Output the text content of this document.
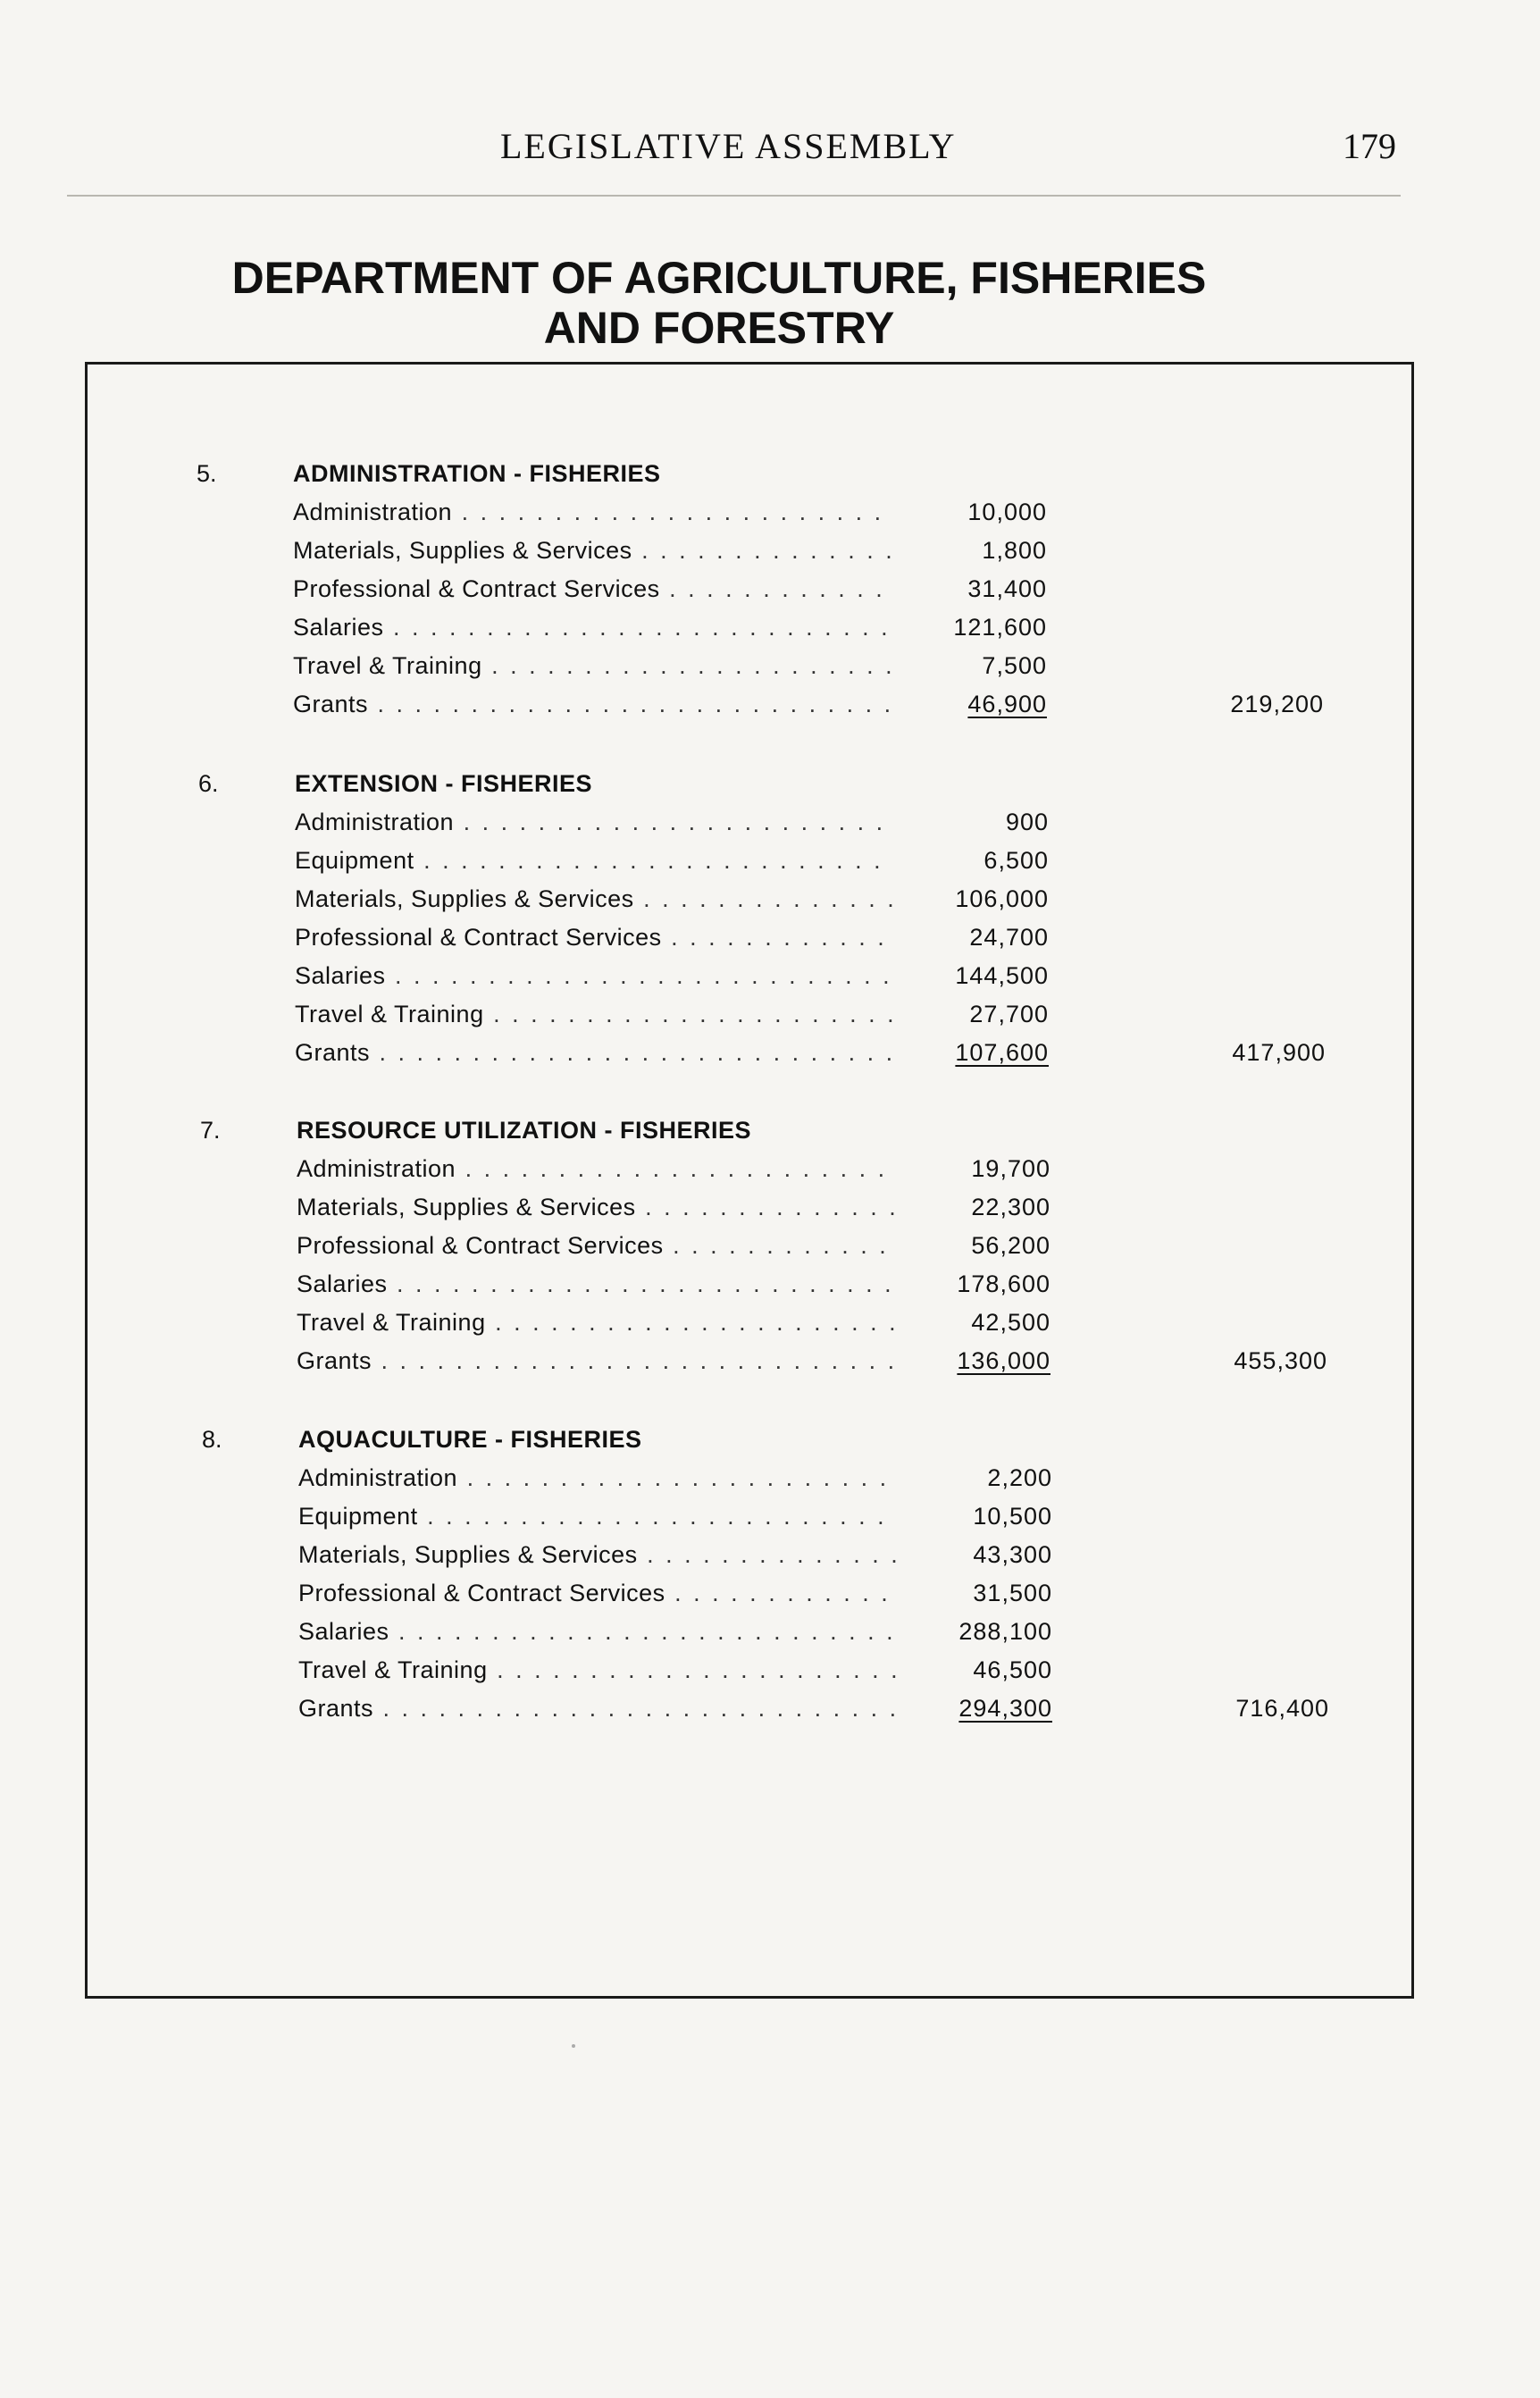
LEGISLATIVE ASSEMBLY	179
DEPARTMENT OF AGRICULTURE, FISHERIES
AND FORESTRY
5.	ADMINISTRATION - FISHERIES
Administration . . .	10,000
Materials, Supplies & Services . . .	1,800
Professional & Contract Services . . .	31,400
Salaries . . .	121,600
Travel & Training . . .	7,500
Grants . . .	46,900	219,200
6.	EXTENSION - FISHERIES
Administration . . .	900
Equipment . . .	6,500
Materials, Supplies & Services . . .	106,000
Professional & Contract Services . . .	24,700
Salaries . . .	144,500
Travel & Training . . .	27,700
Grants . . .	107,600	417,900
7.	RESOURCE UTILIZATION - FISHERIES
Administration . . .	19,700
Materials, Supplies & Services . . .	22,300
Professional & Contract Services . . .	56,200
Salaries . . .	178,600
Travel & Training . . .	42,500
Grants . . .	136,000	455,300
8.	AQUACULTURE - FISHERIES
Administration . . .	2,200
Equipment . . .	10,500
Materials, Supplies & Services . . .	43,300
Professional & Contract Services . . .	31,500
Salaries . . .	288,100
Travel & Training . . .	46,500
Grants . . .	294,300	716,400
